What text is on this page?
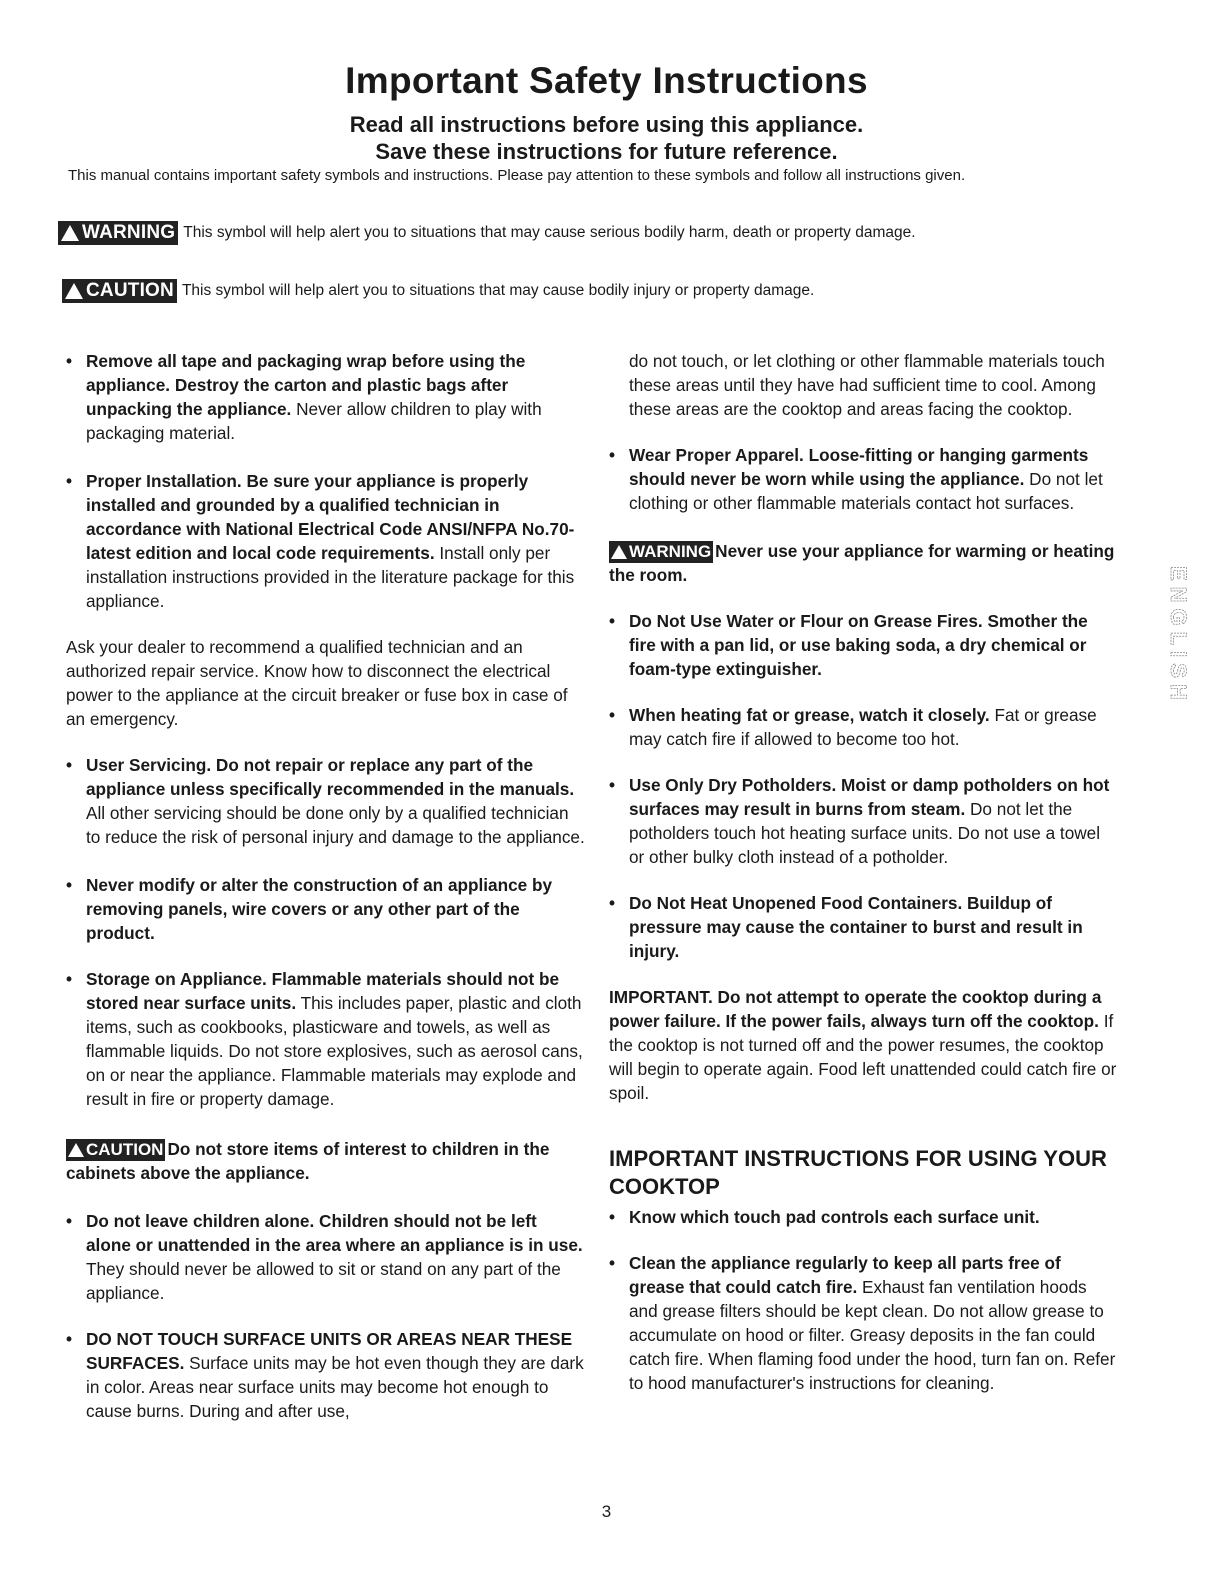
Important Safety Instructions

Read all instructions before using this appliance.

Save these instructions for future reference.

This manual contains important safety symbols and instructions. Please pay attention to these symbols and follow all instructions given.

WARNING This symbol will help alert you to situations that may cause serious bodily harm, death or property damage.
CAUTION This symbol will help alert you to situations that may cause bodily injury or property damage.

• Remove all tape and packaging wrap before using the appliance. Destroy the carton and plastic bags after unpacking the appliance. Never allow children to play with packaging material.

• Proper Installation. Be sure your appliance is properly installed and grounded by a qualified technician in accordance with National Electrical Code ANSI/NFPA No.70-latest edition and local code requirements. Install only per installation instructions provided in the literature package for this appliance.

Ask your dealer to recommend a qualified technician and an authorized repair service. Know how to disconnect the electrical power to the appliance at the circuit breaker or fuse box in case of an emergency.

• User Servicing. Do not repair or replace any part of the appliance unless specifically recommended in the manuals. All other servicing should be done only by a qualified technician to reduce the risk of personal injury and damage to the appliance.

• Never modify or alter the construction of an appliance by removing panels, wire covers or any other part of the product.

• Storage on Appliance. Flammable materials should not be stored near surface units. This includes paper, plastic and cloth items, such as cookbooks, plasticware and towels, as well as flammable liquids. Do not store explosives, such as aerosol cans, on or near the appliance. Flammable materials may explode and result in fire or property damage.

CAUTION Do not store items of interest to children in the cabinets above the appliance.

• Do not leave children alone. Children should not be left alone or unattended in the area where an appliance is in use. They should never be allowed to sit or stand on any part of the appliance.

• DO NOT TOUCH SURFACE UNITS OR AREAS NEAR THESE SURFACES. Surface units may be hot even though they are dark in color. Areas near surface units may become hot enough to cause burns. During and after use,

do not touch, or let clothing or other flammable materials touch these areas until they have had sufficient time to cool. Among these areas are the cooktop and areas facing the cooktop.

• Wear Proper Apparel. Loose-fitting or hanging garments should never be worn while using the appliance. Do not let clothing or other flammable materials contact hot surfaces.

WARNING Never use your appliance for warming or heating the room.

• Do Not Use Water or Flour on Grease Fires. Smother the fire with a pan lid, or use baking soda, a dry chemical or foam-type extinguisher.

• When heating fat or grease, watch it closely. Fat or grease may catch fire if allowed to become too hot.

• Use Only Dry Potholders. Moist or damp potholders on hot surfaces may result in burns from steam. Do not let the potholders touch hot heating surface units. Do not use a towel or other bulky cloth instead of a potholder.

• Do Not Heat Unopened Food Containers. Buildup of pressure may cause the container to burst and result in injury.

IMPORTANT. Do not attempt to operate the cooktop during a power failure. If the power fails, always turn off the cooktop. If the cooktop is not turned off and the power resumes, the cooktop will begin to operate again. Food left unattended could catch fire or spoil.

IMPORTANT INSTRUCTIONS FOR USING YOUR COOKTOP

• Know which touch pad controls each surface unit.

• Clean the appliance regularly to keep all parts free of grease that could catch fire. Exhaust fan ventilation hoods and grease filters should be kept clean. Do not allow grease to accumulate on hood or filter. Greasy deposits in the fan could catch fire. When flaming food under the hood, turn fan on. Refer to hood manufacturer's instructions for cleaning.

ENGLISH
3
